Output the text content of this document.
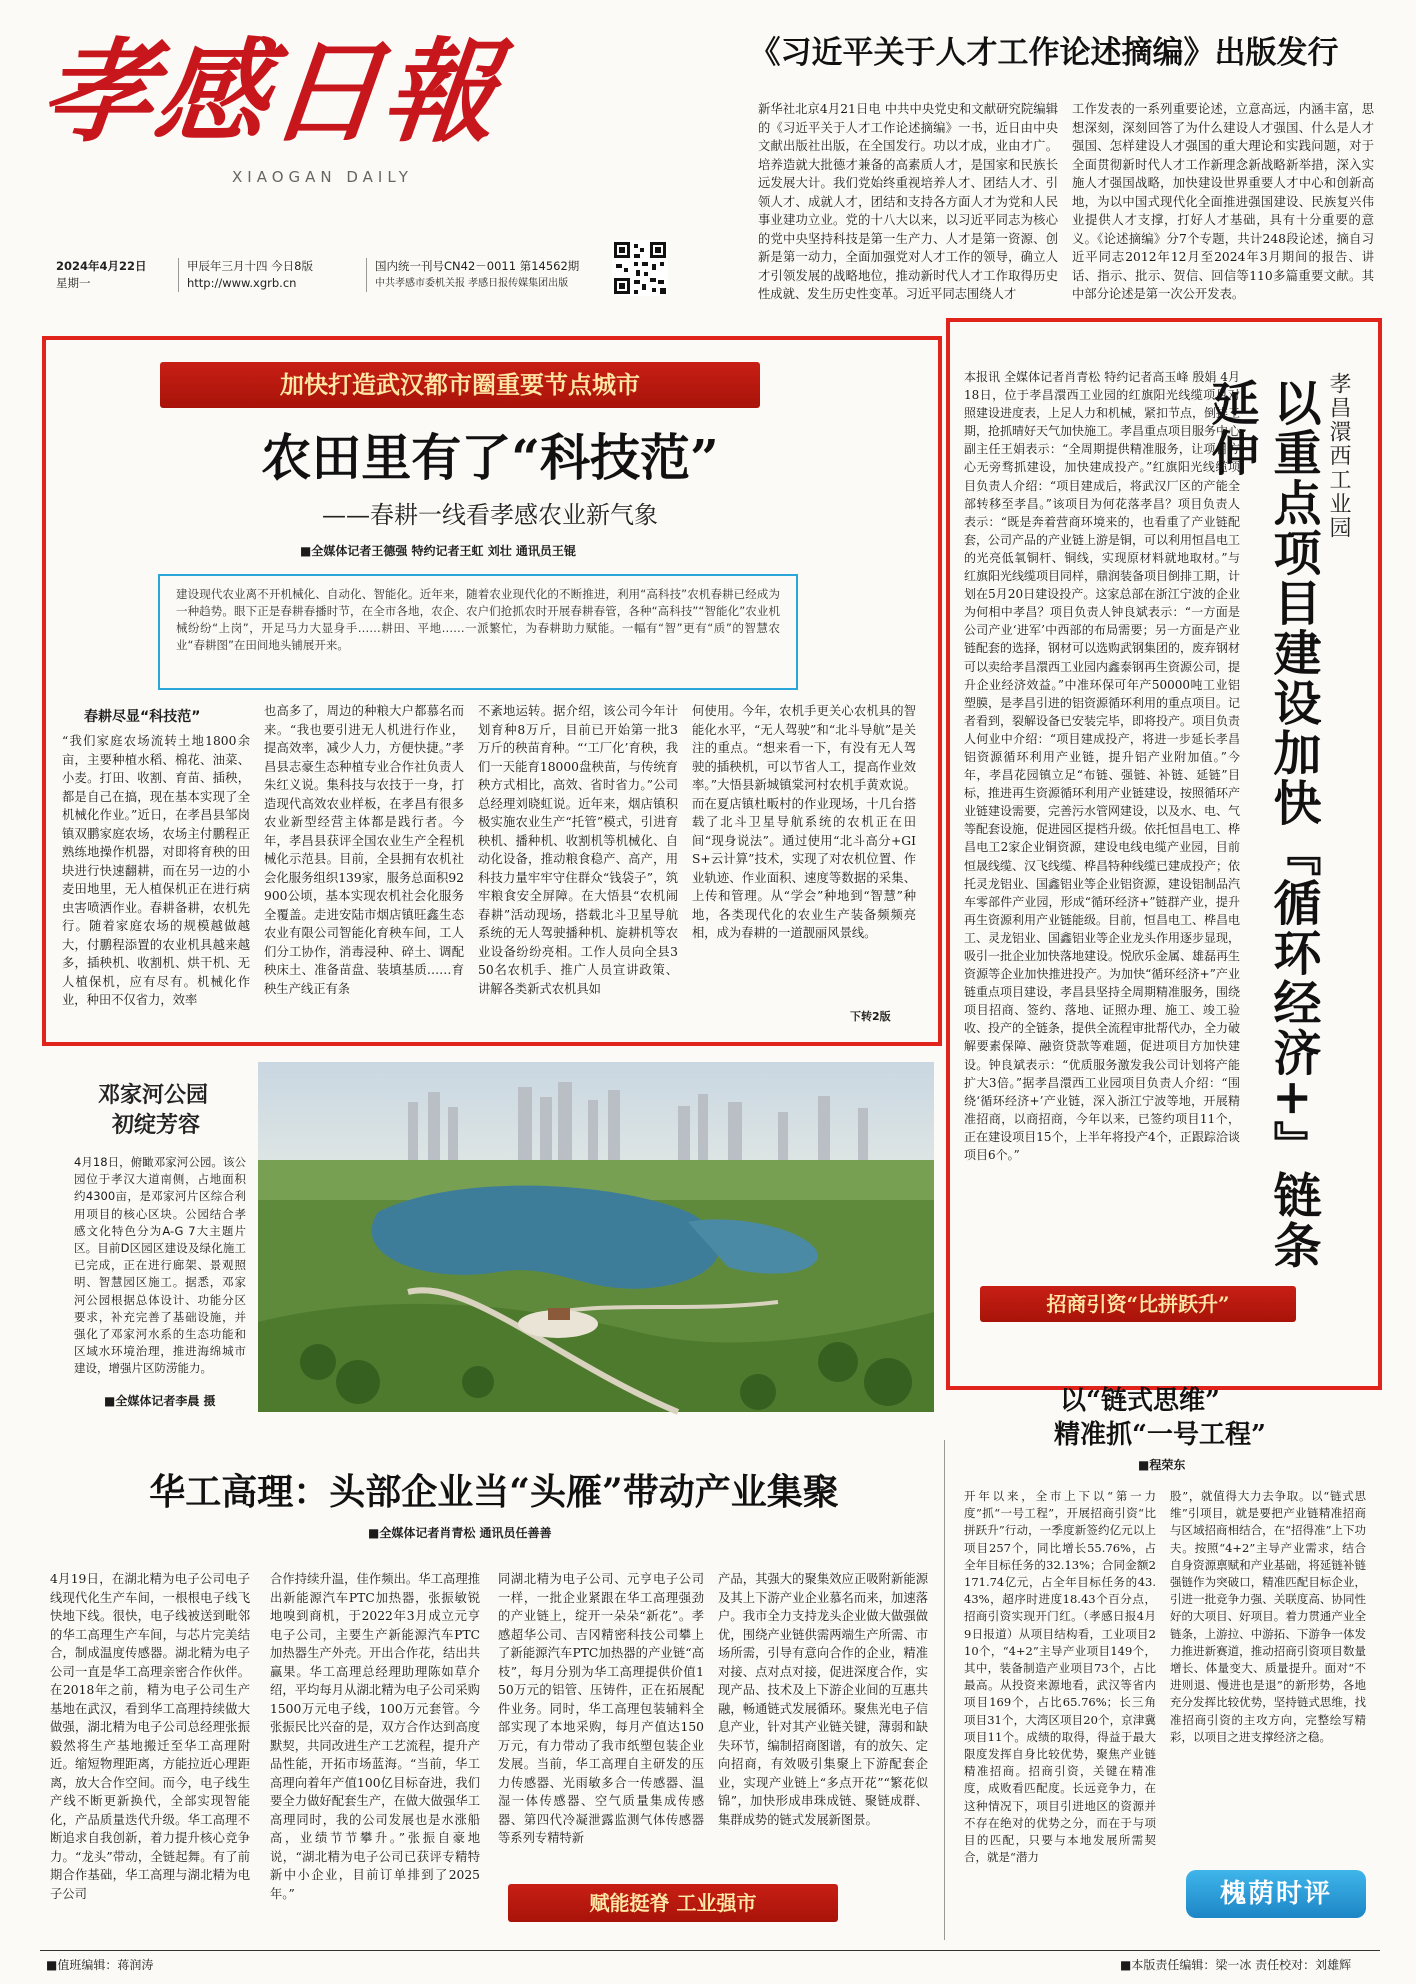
孝感日報
XIAOGAN DAILY
2024年4月22日
星期一
甲辰年三月十四 今日8版
http://www.xgrb.cn
国内统一刊号CN42－0011 第14562期
中共孝感市委机关报 孝感日报传媒集团出版
《习近平关于人才工作论述摘编》出版发行
新华社北京4月21日电 中共中央党史和文献研究院编辑的《习近平关于人才工作论述摘编》一书，近日由中央文献出版社出版，在全国发行。功以才成，业由才广。培养造就大批德才兼备的高素质人才，是国家和民族长远发展大计。我们党始终重视培养人才、团结人才、引领人才、成就人才，团结和支持各方面人才为党和人民事业建功立业。党的十八大以来，以习近平同志为核心的党中央坚持科技是第一生产力、人才是第一资源、创新是第一动力，全面加强党对人才工作的领导，确立人才引领发展的战略地位，推动新时代人才工作取得历史性成就、发生历史性变革。习近平同志围绕人才
工作发表的一系列重要论述，立意高远，内涵丰富，思想深刻，深刻回答了为什么建设人才强国、什么是人才强国、怎样建设人才强国的重大理论和实践问题，对于全面贯彻新时代人才工作新理念新战略新举措，深入实施人才强国战略，加快建设世界重要人才中心和创新高地，为以中国式现代化全面推进强国建设、民族复兴伟业提供人才支撑，打好人才基础，具有十分重要的意义。《论述摘编》分7个专题，共计248段论述，摘自习近平同志2012年12月至2024年3月期间的报告、讲话、指示、批示、贺信、回信等110多篇重要文献。其中部分论述是第一次公开发表。
加快打造武汉都市圈重要节点城市
农田里有了“科技范”
——春耕一线看孝感农业新气象
■全媒体记者王德强 特约记者王虹 刘壮 通讯员王锟
建设现代农业离不开机械化、自动化、智能化。近年来，随着农业现代化的不断推进，利用“高科技”农机春耕已经成为一种趋势。眼下正是春耕春播时节，在全市各地，农企、农户们抢抓农时开展春耕春管，各种“高科技”“智能化”农业机械纷纷“上岗”，开足马力大显身手……耕田、平地……一派繁忙，为春耕助力赋能。一幅有“智”更有“质”的智慧农业“春耕图”在田间地头铺展开来。
春耕尽显“科技范”
“我们家庭农场流转土地1800余亩，主要种植水稻、棉花、油菜、小麦。打田、收割、育苗、插秧，都是自己在搞，现在基本实现了全机械化作业。”近日，在孝昌县邹岗镇双鹏家庭农场，农场主付鹏程正熟练地操作机器，对即将育秧的田块进行快速翻耕，而在另一边的小麦田地里，无人植保机正在进行病虫害喷洒作业。春耕备耕，农机先行。随着家庭农场的规模越做越大，付鹏程添置的农业机具越来越多，插秧机、收割机、烘干机、无人植保机，应有尽有。机械化作业，种田不仅省力，效率
也高多了，周边的种粮大户都慕名而来。“我也要引进无人机进行作业，提高效率，减少人力，方便快捷。”孝昌县志豪生态种植专业合作社负责人朱红义说。集科技与农技于一身，打造现代高效农业样板，在孝昌有很多农业新型经营主体都是践行者。今年，孝昌县获评全国农业生产全程机械化示范县。目前，全县拥有农机社会化服务组织139家，服务总面积92900公顷，基本实现农机社会化服务全覆盖。走进安陆市烟店镇旺鑫生态农业有限公司智能化育秧车间，工人们分工协作，消毒浸种、碎土、调配秧床土、准备苗盘、装填基质……育秧生产线正有条
不紊地运转。据介绍，该公司今年计划育种8万斤，目前已开始第一批3万斤的秧苗育种。“‘工厂化’育秧，我们一天能育18000盘秧苗，与传统育秧方式相比，高效、省时省力。”公司总经理刘晓虹说。近年来，烟店镇积极实施农业生产“托管”模式，引进育秧机、播种机、收割机等机械化、自动化设备，推动粮食稳产、高产，用科技力量牢牢守住群众“钱袋子”，筑牢粮食安全屏障。在大悟县“农机闹春耕”活动现场，搭载北斗卫星导航系统的无人驾驶播种机、旋耕机等农业设备纷纷亮相。工作人员向全县350名农机手、推广人员宣讲政策、讲解各类新式农机具如
何使用。今年，农机手更关心农机具的智能化水平，“无人驾驶”和“北斗导航”是关注的重点。“想来看一下，有没有无人驾驶的插秧机，可以节省人工，提高作业效率。”大悟县新城镇棠河村农机手黄欢说。而在夏店镇杜畈村的作业现场，十几台搭载了北斗卫星导航系统的农机正在田间“现身说法”。通过使用“北斗高分+GIS+云计算”技术，实现了对农机位置、作业轨迹、作业面积、速度等数据的采集、上传和管理。从“学会”种地到“智慧”种地，各类现代化的农业生产装备频频亮相，成为春耕的一道靓丽风景线。
下转2版
本报讯 全媒体记者肖青松 特约记者高玉峰 殷娟 4月18日，位于孝昌澴西工业园的红旗阳光线缆项目对照建设进度表，上足人力和机械，紧扣节点，倒排工期，抢抓晴好天气加快施工。孝昌重点项目服务中心副主任王娟表示：“全周期提供精准服务，让项目方心无旁骛抓建设，加快建成投产。”红旗阳光线缆项目负责人介绍：“项目建成后，将武汉厂区的产能全部转移至孝昌。”该项目为何花落孝昌？项目负责人表示：“既是奔着营商环境来的，也看重了产业链配套，公司产品的产业链上游是铜，可以利用恒昌电工的光亮低氧铜杆、铜线，实现原材料就地取材。”与红旗阳光线缆项目同样，鼎润装备项目倒排工期，计划在5月20日建设投产。这家总部在浙江宁波的企业为何相中孝昌？项目负责人钟良斌表示：“一方面是公司产业‘进军’中西部的布局需要；另一方面是产业链配套的选择，钢材可以选购武钢集团的，废弃钢材可以卖给孝昌澴西工业园内鑫泰钢再生资源公司，提升企业经济效益。”中准环保可年产50000吨工业铝塑膜，是孝昌引进的铝资源循环利用的重点项目。记者看到，裂解设备已安装完毕，即将投产。项目负责人何业中介绍：“项目建成投产，将进一步延长孝昌铝资源循环利用产业链，提升铝产业附加值。”今年，孝昌花园镇立足“布链、强链、补链、延链”目标，推进再生资源循环利用产业链建设，按照循环产业链建设需要，完善污水管网建设，以及水、电、气等配套设施，促进园区提档升级。依托恒昌电工、桦昌电工2家企业铜资源，建设电线电缆产业园，目前恒晟线缆、汉飞线缆、桦昌特种线缆已建成投产；依托灵龙铝业、国鑫铝业等企业铝资源，建设铝制品汽车零部件产业园，形成“循环经济+”链群产业，提升再生资源利用产业链能级。目前，恒昌电工、桦昌电工、灵龙铝业、国鑫铝业等企业龙头作用逐步显现，吸引一批企业加快落地建设。悦欣乐金属、雄磊再生资源等企业加快推进投产。为加快“循环经济+”产业链重点项目建设，孝昌县坚持全周期精准服务，围绕项目招商、签约、落地、证照办理、施工、竣工验收、投产的全链条，提供全流程审批帮代办，全力破解要素保障、融资贷款等难题，促进项目方加快建设。钟良斌表示：“优质服务激发我公司计划将产能扩大3倍。”据孝昌澴西工业园项目负责人介绍：“围绕‘循环经济+’产业链，深入浙江宁波等地，开展精准招商，以商招商，今年以来，已签约项目11个，正在建设项目15个，上半年将投产4个，正跟踪洽谈项目6个。”
孝昌澴西工业园
以重点项目建设加快『循环经济+』链条延伸
招商引资“比拼跃升”
邓家河公园
初绽芳容
4月18日，俯瞰邓家河公园。该公园位于孝汉大道南侧，占地面积约4300亩，是邓家河片区综合利用项目的核心区块。公园结合孝感文化特色分为A-G 7大主题片区。目前D区园区建设及绿化施工已完成，正在进行廊架、景观照明、智慧园区施工。据悉，邓家河公园根据总体设计、功能分区要求，补充完善了基础设施，并强化了邓家河水系的生态功能和区域水环境治理，推进海绵城市建设，增强片区防涝能力。
■全媒体记者李晨 摄	以“链式思维”
精准抓“一号工程”
■程荣东
开年以来，全市上下以“第一力度”抓“一号工程”，开展招商引资“比拼跃升”行动，一季度新签约亿元以上项目257个，同比增长55.76%，占全年目标任务的32.13%；合同金额2171.74亿元，占全年目标任务的43.43%，超序时进度18.43个百分点，招商引资实现开门红。（孝感日报4月9日报道）从项目结构看，工业项目210个，“4+2”主导产业项目149个，其中，装备制造产业项目73个，占比最高。从投资来源地看，武汉等省内项目169个，占比65.76%；长三角项目31个，大湾区项目20个，京津冀项目11个。成绩的取得，得益于最大限度发挥自身比较优势，聚焦产业链精准招商。招商引资，关键在精准度，成败看匹配度。长远竞争力，在这种情况下，项目引进地区的资源并不存在绝对的优势之分，而在于与项目的匹配，只要与本地发展所需契合，就是“潜力
股”，就值得大力去争取。以“链式思维”引项目，就是要把产业链精准招商与区域招商相结合，在“招得准”上下功夫。按照“4+2”主导产业需求，结合自身资源禀赋和产业基础，将延链补链强链作为突破口，精准匹配目标企业，引进一批竞争力强、关联度高、协同性好的大项目、好项目。着力贯通产业全链条，上游拉、中游拓、下游争一体发力推进新赛道，推动招商引资项目数量增长、体量变大、质量提升。面对“不进则退、慢进也是退”的新形势，各地充分发挥比较优势，坚持链式思维，找准招商引资的主攻方向，完整绘写精彩，以项目之进支撑经济之稳。
槐荫时评
华工高理：头部企业当“头雁”带动产业集聚
■全媒体记者肖青松 通讯员任善善
4月19日，在湖北精为电子公司电子线现代化生产车间，一根根电子线飞快地下线。很快，电子线被送到毗邻的华工高理生产车间，与芯片完美结合，制成温度传感器。湖北精为电子公司一直是华工高理亲密合作伙伴。在2018年之前，精为电子公司生产基地在武汉，看到华工高理持续做大做强，湖北精为电子公司总经理张振毅然将生产基地搬迁至华工高理附近。缩短物理距离，方能拉近心理距离，放大合作空间。而今，电子线生产线不断更新换代，全部实现智能化，产品质量迭代升级。华工高理不断追求自我创新，着力提升核心竞争力。“龙头”带动，全链起舞。有了前期合作基础，华工高理与湖北精为电子公司
合作持续升温，佳作频出。华工高理推出新能源汽车PTC加热器，张振敏锐地嗅到商机，于2022年3月成立元亨电子公司，主要生产新能源汽车PTC加热器生产外壳。开出合作花，结出共赢果。华工高理总经理助理陈如草介绍，平均每月从湖北精为电子公司采购1500万元电子线，100万元套管。今张振民比兴奋的是，双方合作达到高度默契，共同改进生产工艺流程，提升产品性能，开拓市场蓝海。“当前，华工高理向着年产值100亿目标奋进，我们要全力做好配套生产，在做大做强华工高理同时，我的公司发展也是水涨船高，业绩节节攀升。”张振自豪地说，“湖北精为电子公司已获评专精特新中小企业，目前订单排到了2025年。”
同湖北精为电子公司、元亨电子公司一样，一批企业紧跟在华工高理强劲的产业链上，绽开一朵朵“新花”。孝感超华公司、吉冈精密科技公司攀上了新能源汽车PTC加热器的产业链“高枝”，每月分别为华工高理提供价值150万元的铝管、压铸件，正在拓展配件业务。同时，华工高理包装辅料全部实现了本地采购，每月产值达150万元，有力带动了我市纸塑包装企业发展。当前，华工高理自主研发的压力传感器、光雨敏多合一传感器、温湿一体传感器、空气质量集成传感器、第四代冷凝泄露监测气体传感器等系列专精特新
产品，其强大的聚集效应正吸附新能源及其上下游产业企业慕名而来，加速落户。我市全力支持龙头企业做大做强做优，围绕产业链供需两端生产所需、市场所需，引导有意向合作的企业，精准对接、点对点对接，促进深度合作，实现产品、技术及上下游企业间的互惠共融，畅通链式发展循环。聚焦光电子信息产业，针对其产业链关键，薄弱和缺失环节，编制招商图谱，有的放矢、定向招商，有效吸引集聚上下游配套企业，实现产业链上“多点开花”“繁花似锦”，加快形成串珠成链、聚链成群、集群成势的链式发展新图景。
赋能挺脊 工业强市
■值班编辑：蒋润涛	■本版责任编辑：梁一冰 责任校对：刘雄辉
